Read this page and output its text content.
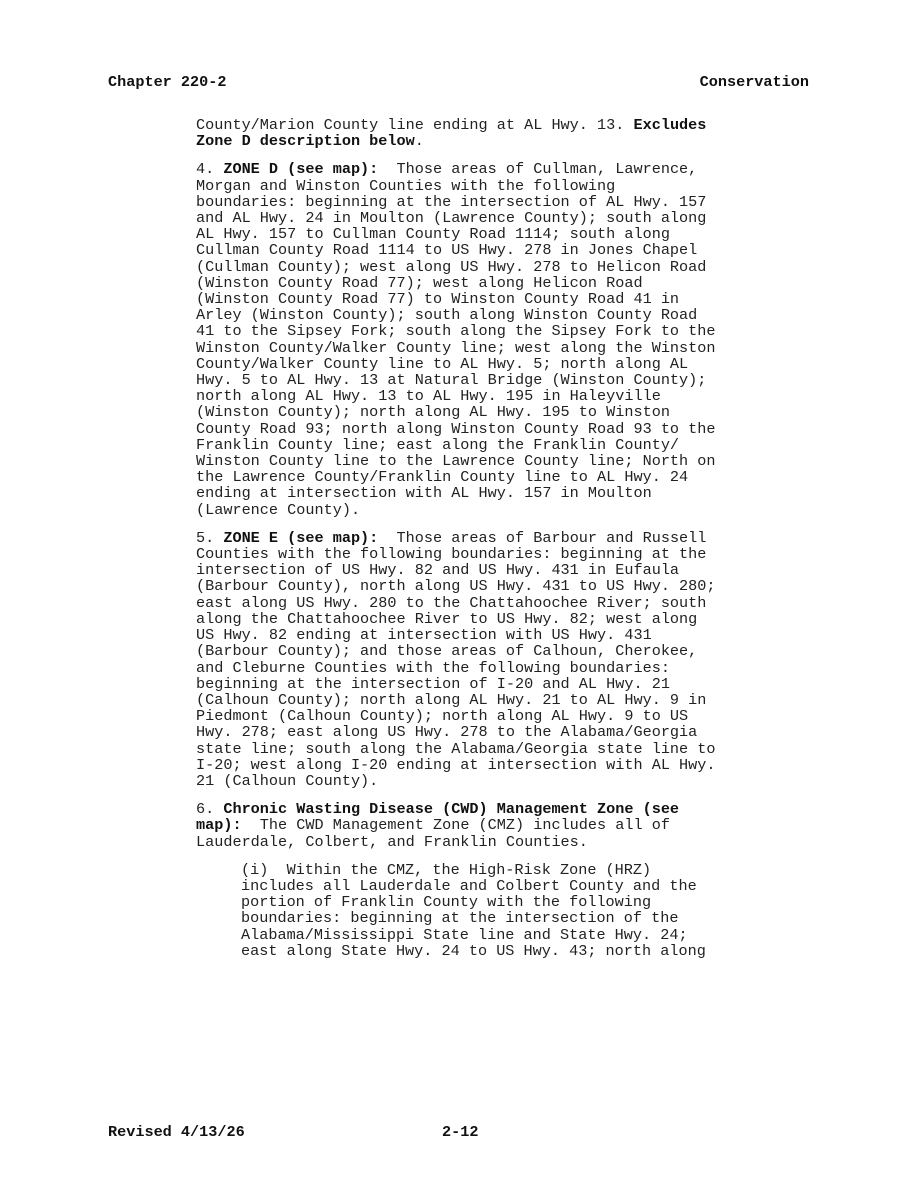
Chapter 220-2	Conservation

County/Marion County line ending at AL Hwy. 13. Excludes
Zone D description below.

4. ZONE D (see map):  Those areas of Cullman, Lawrence,
Morgan and Winston Counties with the following
boundaries: beginning at the intersection of AL Hwy. 157
and AL Hwy. 24 in Moulton (Lawrence County); south along
AL Hwy. 157 to Cullman County Road 1114; south along
Cullman County Road 1114 to US Hwy. 278 in Jones Chapel
(Cullman County); west along US Hwy. 278 to Helicon Road
(Winston County Road 77); west along Helicon Road
(Winston County Road 77) to Winston County Road 41 in
Arley (Winston County); south along Winston County Road
41 to the Sipsey Fork; south along the Sipsey Fork to the
Winston County/Walker County line; west along the Winston
County/Walker County line to AL Hwy. 5; north along AL
Hwy. 5 to AL Hwy. 13 at Natural Bridge (Winston County);
north along AL Hwy. 13 to AL Hwy. 195 in Haleyville
(Winston County); north along AL Hwy. 195 to Winston
County Road 93; north along Winston County Road 93 to the
Franklin County line; east along the Franklin County/
Winston County line to the Lawrence County line; North on
the Lawrence County/Franklin County line to AL Hwy. 24
ending at intersection with AL Hwy. 157 in Moulton
(Lawrence County).

5. ZONE E (see map):  Those areas of Barbour and Russell
Counties with the following boundaries: beginning at the
intersection of US Hwy. 82 and US Hwy. 431 in Eufaula
(Barbour County), north along US Hwy. 431 to US Hwy. 280;
east along US Hwy. 280 to the Chattahoochee River; south
along the Chattahoochee River to US Hwy. 82; west along
US Hwy. 82 ending at intersection with US Hwy. 431
(Barbour County); and those areas of Calhoun, Cherokee,
and Cleburne Counties with the following boundaries:
beginning at the intersection of I-20 and AL Hwy. 21
(Calhoun County); north along AL Hwy. 21 to AL Hwy. 9 in
Piedmont (Calhoun County); north along AL Hwy. 9 to US
Hwy. 278; east along US Hwy. 278 to the Alabama/Georgia
state line; south along the Alabama/Georgia state line to
I-20; west along I-20 ending at intersection with AL Hwy.
21 (Calhoun County).

6. Chronic Wasting Disease (CWD) Management Zone (see
map):  The CWD Management Zone (CMZ) includes all of
Lauderdale, Colbert, and Franklin Counties.

(i)  Within the CMZ, the High-Risk Zone (HRZ)
includes all Lauderdale and Colbert County and the
portion of Franklin County with the following
boundaries: beginning at the intersection of the
Alabama/Mississippi State line and State Hwy. 24;
east along State Hwy. 24 to US Hwy. 43; north along

Revised 4/13/26	2-12
